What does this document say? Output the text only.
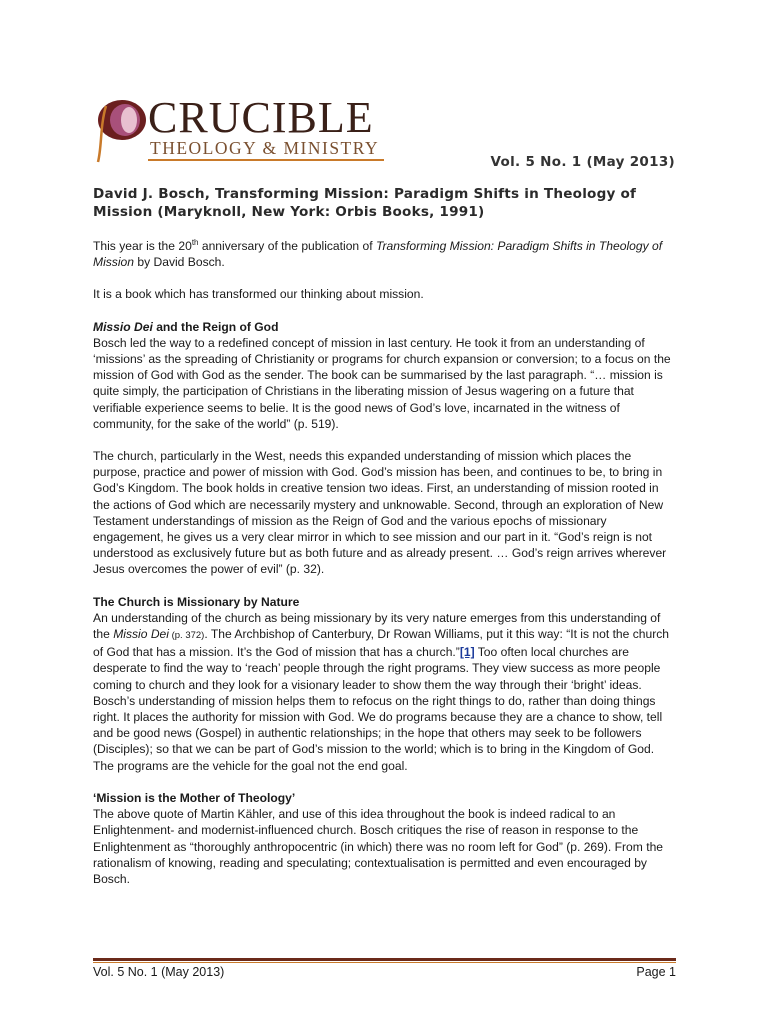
CRUCIBLE
THEOLOGY & MINISTRY
Vol. 5 No. 1 (May 2013)
David J. Bosch, Transforming Mission: Paradigm Shifts in Theology of Mission (Maryknoll, New York: Orbis Books, 1991)

This year is the 20th anniversary of the publication of Transforming Mission: Paradigm Shifts in Theology of Mission by David Bosch.

It is a book which has transformed our thinking about mission.

Missio Dei and the Reign of God

Bosch led the way to a redefined concept of mission in last century. He took it from an understanding of ‘missions’ as the spreading of Christianity or programs for church expansion or conversion; to a focus on the mission of God with God as the sender. The book can be summarised by the last paragraph. “… mission is quite simply, the participation of Christians in the liberating mission of Jesus wagering on a future that verifiable experience seems to belie. It is the good news of God’s love, incarnated in the witness of community, for the sake of the world” (p. 519).

The church, particularly in the West, needs this expanded understanding of mission which places the purpose, practice and power of mission with God. God’s mission has been, and continues to be, to bring in God’s Kingdom. The book holds in creative tension two ideas. First, an understanding of mission rooted in the actions of God which are necessarily mystery and unknowable. Second, through an exploration of New Testament understandings of mission as the Reign of God and the various epochs of missionary engagement, he gives us a very clear mirror in which to see mission and our part in it. “God’s reign is not understood as exclusively future but as both future and as already present. … God’s reign arrives wherever Jesus overcomes the power of evil” (p. 32).

The Church is Missionary by Nature

An understanding of the church as being missionary by its very nature emerges from this understanding of the Missio Dei (p. 372). The Archbishop of Canterbury, Dr Rowan Williams, put it this way: “It is not the church of God that has a mission. It’s the God of mission that has a church.”[1] Too often local churches are desperate to find the way to ‘reach’ people through the right programs. They view success as more people coming to church and they look for a visionary leader to show them the way through their ‘bright’ ideas. Bosch’s understanding of mission helps them to refocus on the right things to do, rather than doing things right. It places the authority for mission with God. We do programs because they are a chance to show, tell and be good news (Gospel) in authentic relationships; in the hope that others may seek to be followers (Disciples); so that we can be part of God’s mission to the world; which is to bring in the Kingdom of God. The programs are the vehicle for the goal not the end goal.

‘Mission is the Mother of Theology’

The above quote of Martin Kähler, and use of this idea throughout the book is indeed radical to an Enlightenment- and modernist-influenced church. Bosch critiques the rise of reason in response to the Enlightenment as “thoroughly anthropocentric (in which) there was no room left for God” (p. 269). From the rationalism of knowing, reading and speculating; contextualisation is permitted and even encouraged by Bosch.

Vol. 5 No. 1 (May 2013)	Page 1
